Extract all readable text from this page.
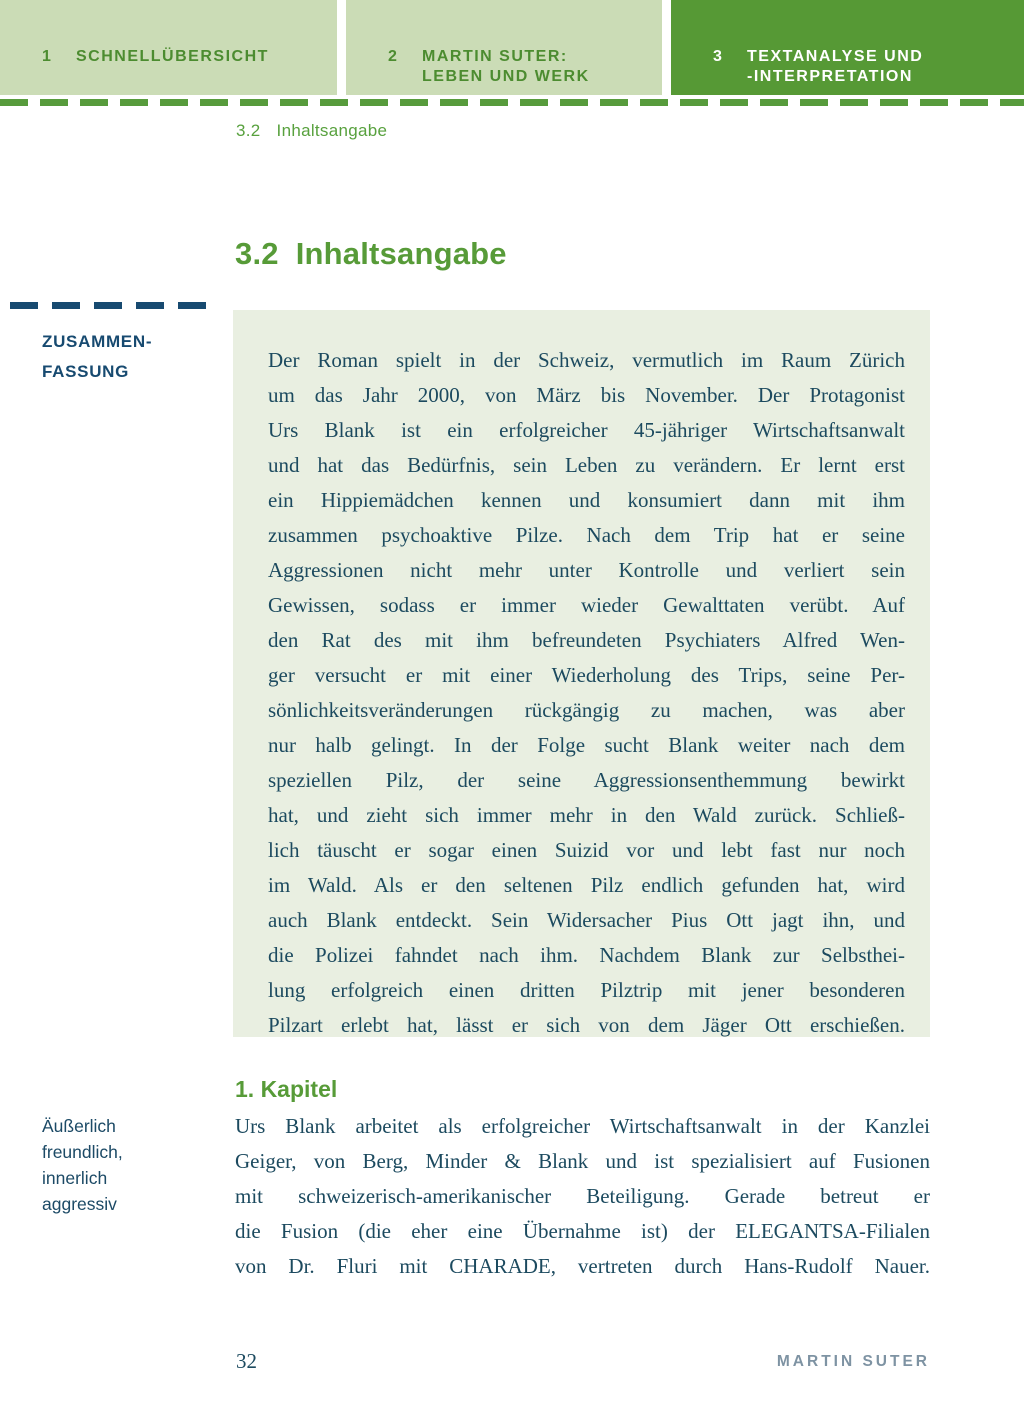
1 SCHNELLÜBERSICHT	2 MARTIN SUTER:
LEBEN UND WERK
3 TEXTANALYSE UND
-INTERPRETATION
3.2 Inhaltsangabe
3.2 Inhaltsangabe
ZUSAMMEN-
FASSUNG	Der Roman spielt in der Schweiz, vermutlich im Raum Zürich
um das Jahr 2000, von März bis November. Der Protagonist
Urs Blank ist ein erfolgreicher 45-jähriger Wirtschaftsanwalt
und hat das Bedürfnis, sein Leben zu verändern. Er lernt erst
ein Hippiemädchen kennen und konsumiert dann mit ihm
zusammen psychoaktive Pilze. Nach dem Trip hat er seine
Aggressionen nicht mehr unter Kontrolle und verliert sein
Gewissen, sodass er immer wieder Gewalttaten verübt. Auf
den Rat des mit ihm befreundeten Psychiaters Alfred Wen-
ger versucht er mit einer Wiederholung des Trips, seine Per-
sönlichkeitsveränderungen rückgängig zu machen, was aber
nur halb gelingt. In der Folge sucht Blank weiter nach dem
speziellen Pilz, der seine Aggressionsenthemmung bewirkt
hat, und zieht sich immer mehr in den Wald zurück. Schließ-
lich täuscht er sogar einen Suizid vor und lebt fast nur noch
im Wald. Als er den seltenen Pilz endlich gefunden hat, wird
auch Blank entdeckt. Sein Widersacher Pius Ott jagt ihn, und
die Polizei fahndet nach ihm. Nachdem Blank zur Selbsthei-
lung erfolgreich einen dritten Pilztrip mit jener besonderen
Pilzart erlebt hat, lässt er sich von dem Jäger Ott erschießen.
1. Kapitel
Äußerlich
freundlich,
innerlich
aggressiv
Urs Blank arbeitet als erfolgreicher Wirtschaftsanwalt in der Kanzlei
Geiger, von Berg, Minder & Blank und ist spezialisiert auf Fusionen
mit schweizerisch-amerikanischer Beteiligung. Gerade betreut er
die Fusion (die eher eine Übernahme ist) der ELEGANTSA-Filialen
von Dr. Fluri mit CHARADE, vertreten durch Hans-Rudolf Nauer.
32	MARTIN SUTER
